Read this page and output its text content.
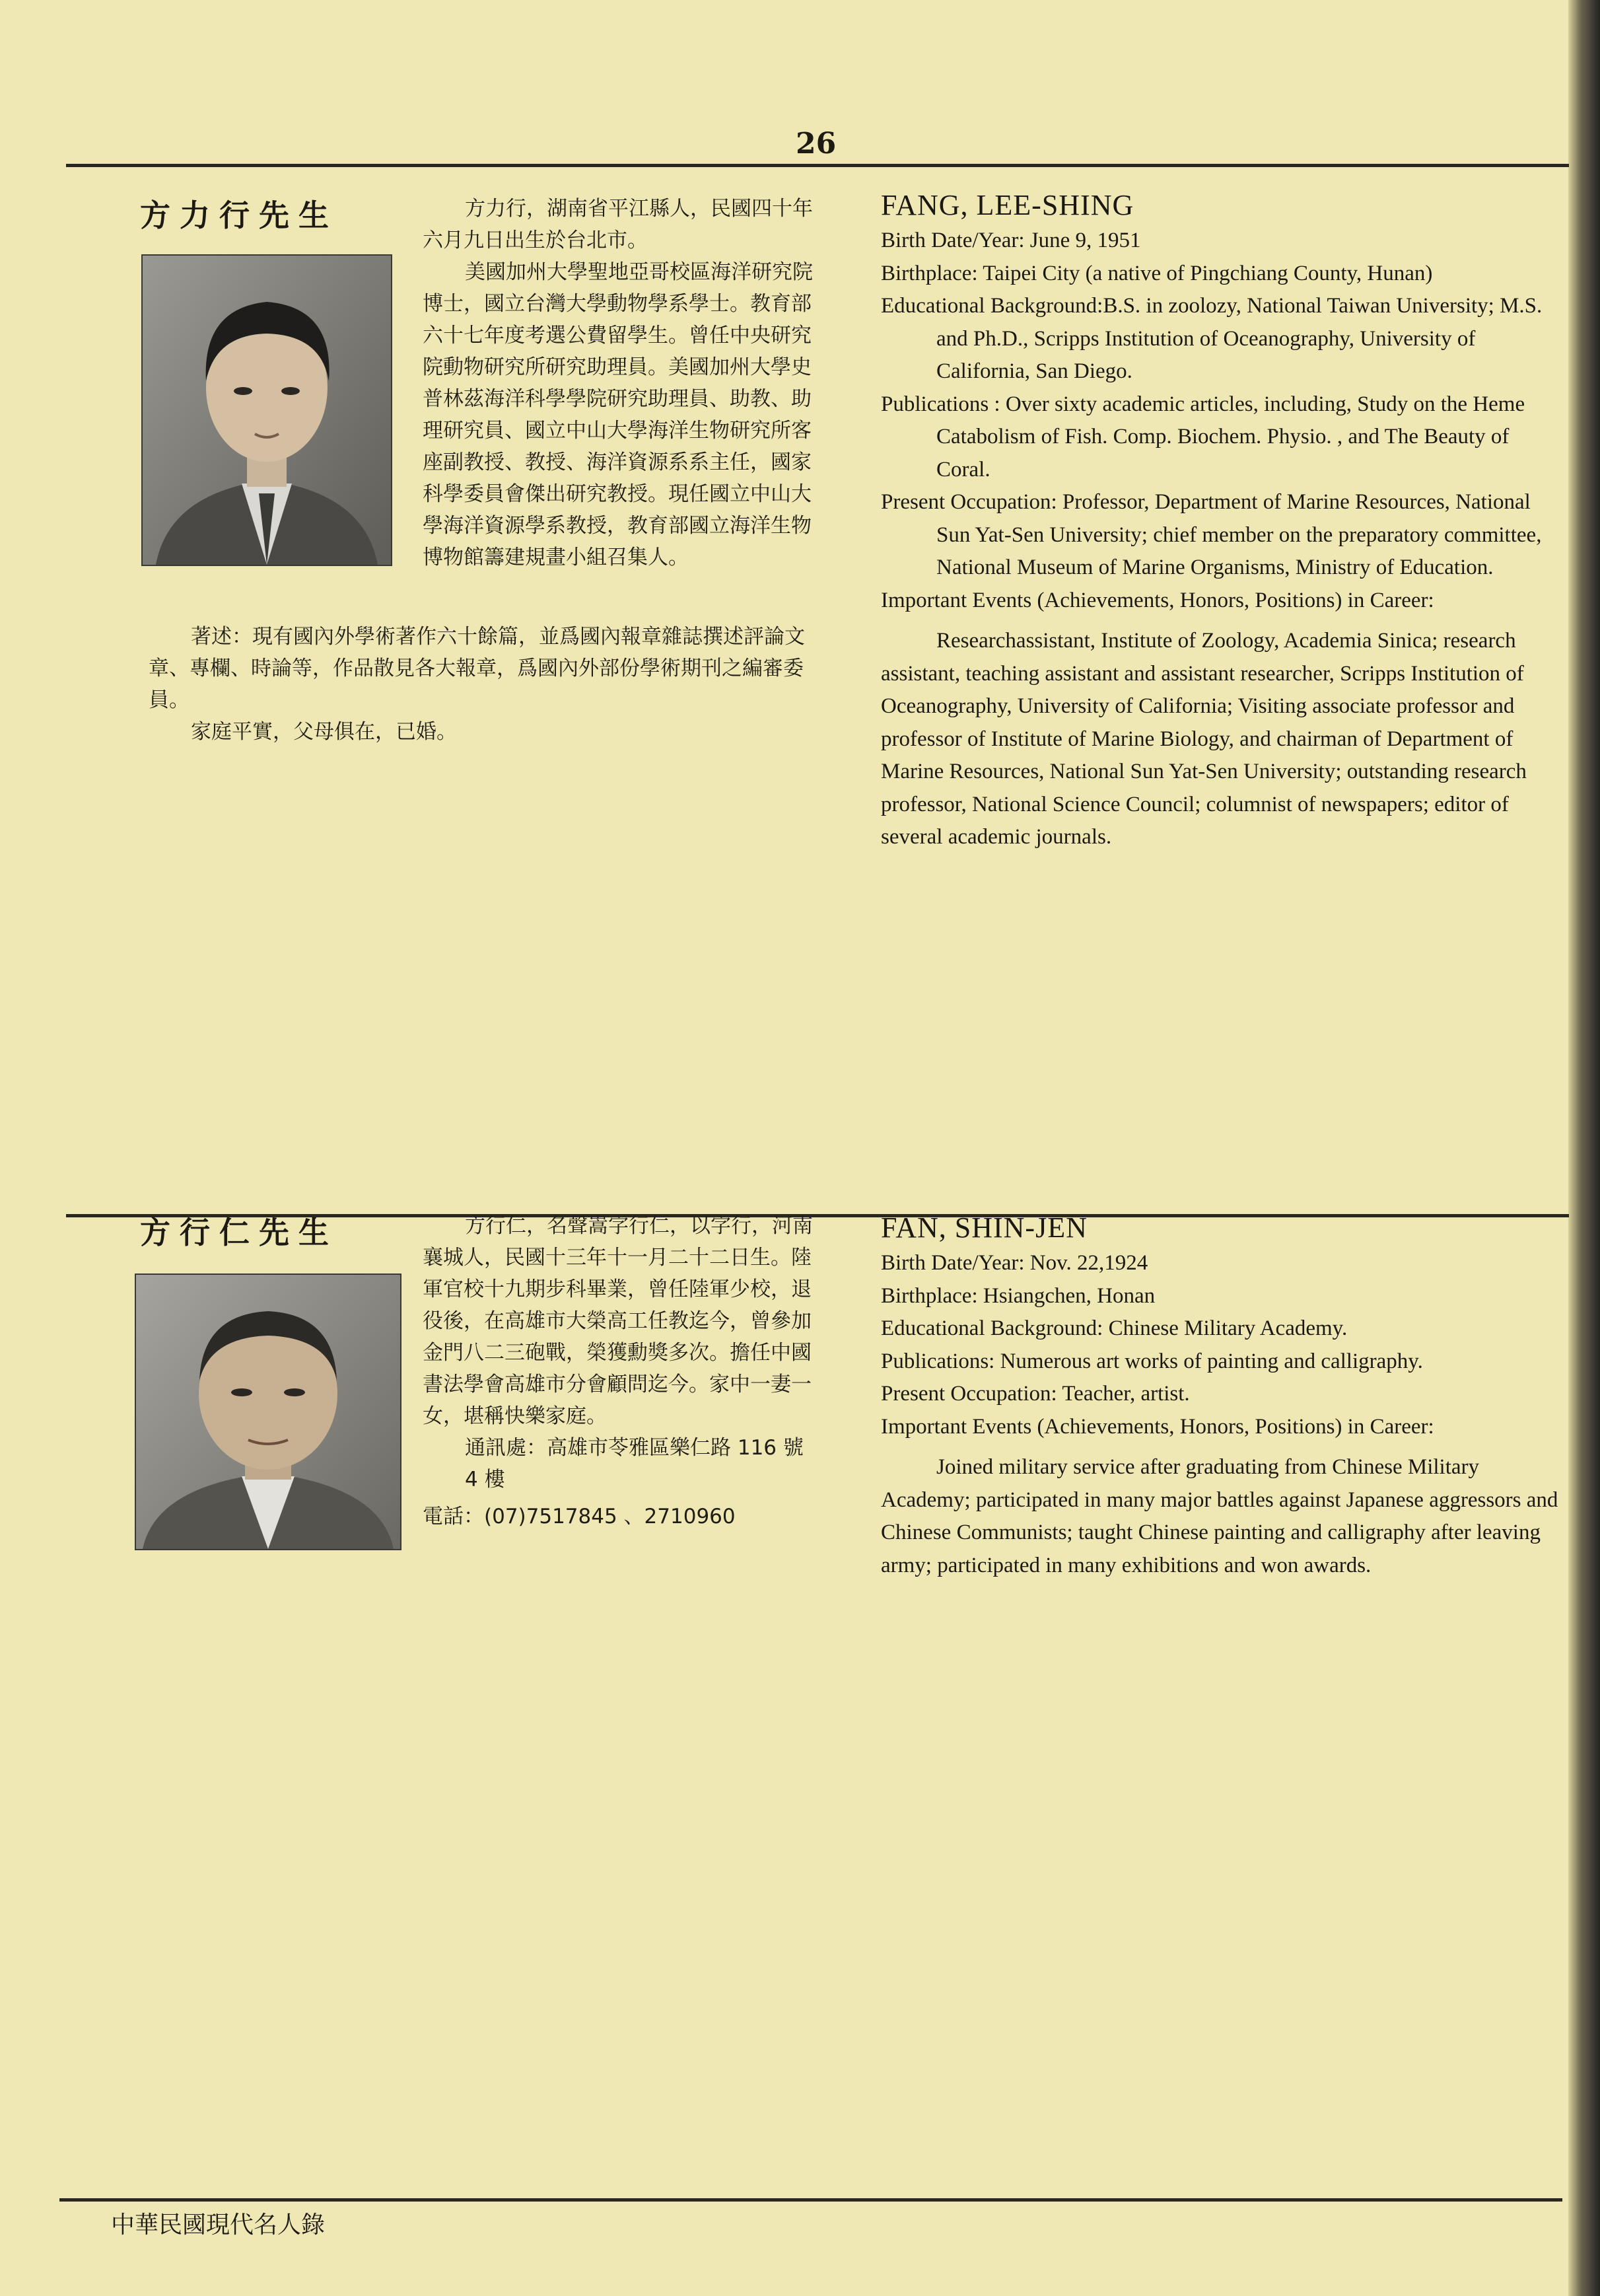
26
方力行先生	方力行，湖南省平江縣人，民國四十年六月九日出生於台北市。

美國加州大學聖地亞哥校區海洋研究院博士，國立台灣大學動物學系學士。教育部六十七年度考選公費留學生。曾任中央研究院動物研究所研究助理員。美國加州大學史普林茲海洋科學學院研究助理員、助教、助理研究員、國立中山大學海洋生物研究所客座副教授、教授、海洋資源系系主任，國家科學委員會傑出研究教授。現任國立中山大學海洋資源學系教授，教育部國立海洋生物博物館籌建規畫小組召集人。

著述：現有國內外學術著作六十餘篇，並爲國內報章雜誌撰述評論文章、專欄、時論等，作品散見各大報章，爲國內外部份學術期刊之編審委員。

家庭平實，父母俱在，已婚。

FANG, LEE-SHING

Birth Date/Year: June 9, 1951

Birthplace: Taipei City (a native of Pingchiang County, Hunan)

Educational Background:B.S. in zoolozy, National Taiwan University; M.S. and Ph.D., Scripps Institution of Oceanography, University of California, San Diego.

Publications : Over sixty academic articles, including, Study on the Heme Catabolism of Fish. Comp. Biochem. Physio. , and The Beauty of Coral.

Present Occupation: Professor, Department of Marine Resources, National Sun Yat-Sen University; chief member on the preparatory committee, National Museum of Marine Organisms, Ministry of Education.

Important Events (Achievements, Honors, Positions) in Career:

Researchassistant, Institute of Zoology, Academia Sinica; research assistant, teaching assistant and assistant researcher, Scripps Institution of Oceanography, University of California; Visiting associate professor and professor of Institute of Marine Biology, and chairman of Department of Marine Resources, National Sun Yat-Sen University; outstanding research professor, National Science Council; columnist of newspapers; editor of several academic journals.

方行仁先生	方行仁，名聲嵩字行仁，以字行，河南襄城人，民國十三年十一月二十二日生。陸軍官校十九期步科畢業，曾任陸軍少校，退役後，在高雄市大榮高工任教迄今，曾參加金門八二三砲戰，榮獲勳獎多次。擔任中國書法學會高雄市分會顧問迄今。家中一妻一女，堪稱快樂家庭。

通訊處：高雄市苓雅區樂仁路 116 號 4 樓

電話：(07)7517845 、2710960

FAN, SHIN-JEN

Birth Date/Year: Nov. 22,1924

Birthplace: Hsiangchen, Honan

Educational Background: Chinese Military Academy.

Publications: Numerous art works of painting and calligraphy.

Present Occupation: Teacher, artist.

Important Events (Achievements, Honors, Positions) in Career:

Joined military service after graduating from Chinese Military Academy; participated in many major battles against Japanese aggressors and Chinese Communists; taught Chinese painting and calligraphy after leaving army; participated in many exhibitions and won awards.

中華民國現代名人錄
